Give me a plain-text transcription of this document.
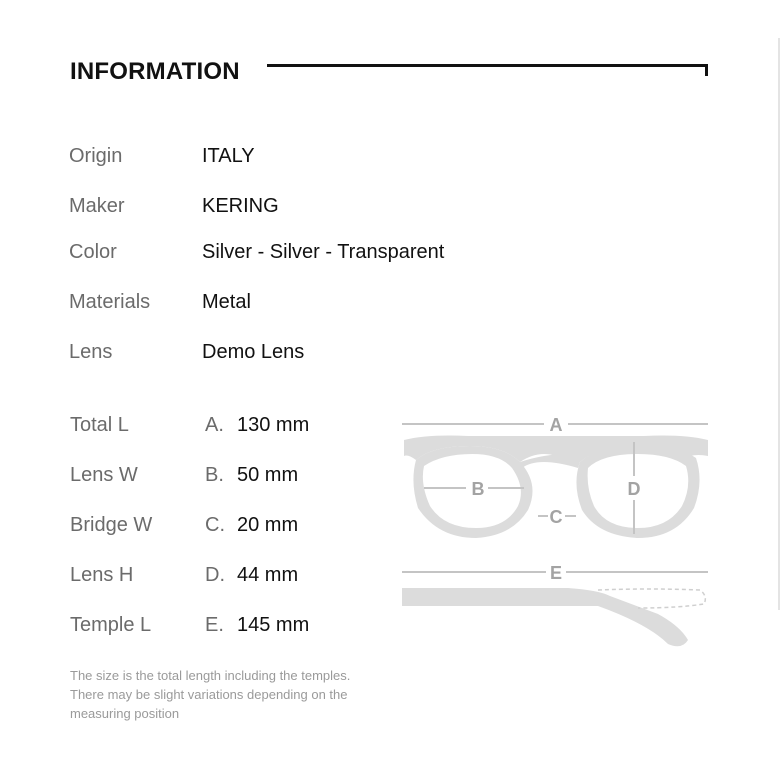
INFORMATION
Origin	ITALY
Maker	KERING
Color	Silver - Silver - Transparent
Materials	Metal
Lens	Demo Lens
Total L	A. 130 mm
Lens W	B. 50 mm
Bridge W	C. 20 mm
Lens H	D. 44 mm
Temple L	E. 145 mm
A
B
C
D
E
The size is the total length including the temples. There may be slight variations depending on the measuring position
